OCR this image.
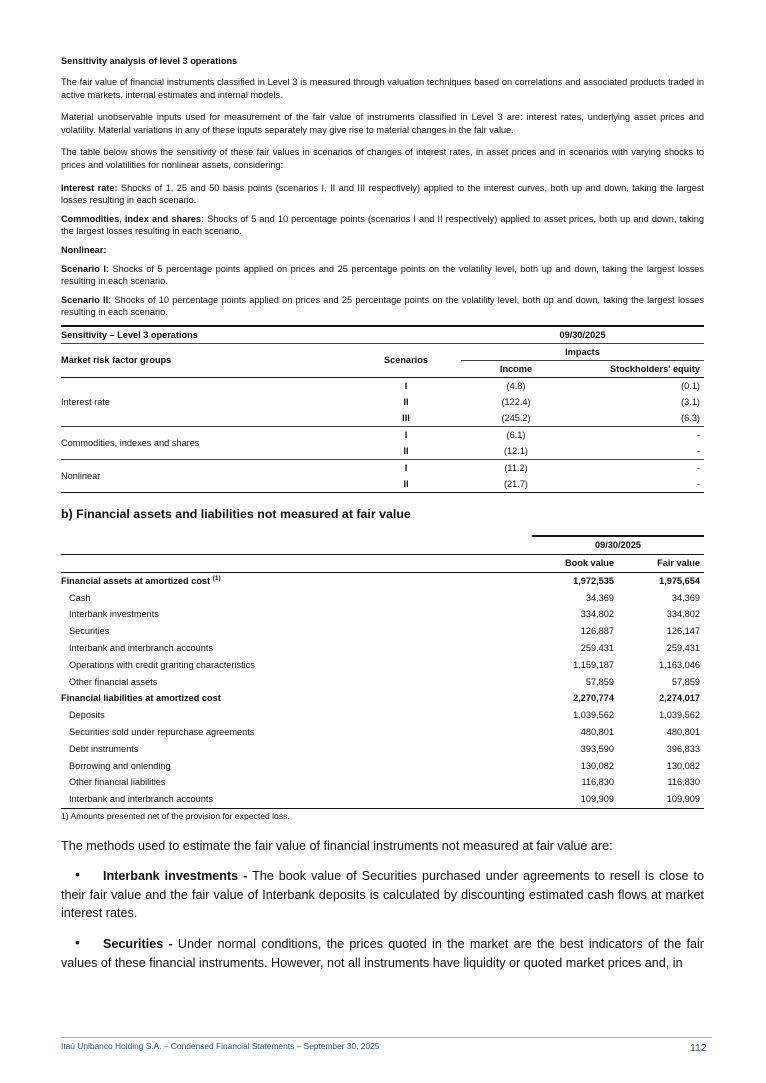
Sensitivity analysis of level 3 operations

The fair value of financial instruments classified in Level 3 is measured through valuation techniques based on correlations and associated products traded in active markets, internal estimates and internal models.

Material unobservable inputs used for measurement of the fair value of instruments classified in Level 3 are: interest rates, underlying asset prices and volatility. Material variations in any of these inputs separately may give rise to material changes in the fair value.

The table below shows the sensitivity of these fair values in scenarios of changes of interest rates, in asset prices and in scenarios with varying shocks to prices and volatilities for nonlinear assets, considering:

Interest rate: Shocks of 1, 25 and 50 basis points (scenarios I, II and III respectively) applied to the interest curves, both up and down, taking the largest losses resulting in each scenario.

Commodities, index and shares: Shocks of 5 and 10 percentage points (scenarios I and II respectively) applied to asset prices, both up and down, taking the largest losses resulting in each scenario.

Nonlinear:

Scenario I: Shocks of 5 percentage points applied on prices and 25 percentage points on the volatility level, both up and down, taking the largest losses resulting in each scenario.

Scenario II: Shocks of 10 percentage points applied on prices and 25 percentage points on the volatility level, both up and down, taking the largest losses resulting in each scenario.

Sensitivity – Level 3 operations		09/30/2025	
Market risk factor groups	Scenarios	Impacts	
		Income	Stockholders' equity
Interest rate	I	(4.8)	(0.1)
	II	(122.4)	(3.1)
	III	(245.2)	(6.3)
Commodities, indexes and shares	I	(6.1)	-
	II	(12.1)	-
Nonlinear	I	(11.2)	-
	II	(21.7)	-
b) Financial assets and liabilities not measured at fair value
	09/30/2025	
	Book value	Fair value
Financial assets at amortized cost $^{(1)}$	1,972,535	1,975,654
Cash	34,369	34,369
Interbank investments	334,802	334,802
Securities	126,887	126,147
Interbank and interbranch accounts	259,431	259,431
Operations with credit granting characteristics	1,159,187	1,163,046
Other financial assets	57,859	57,859
Financial liabilities at amortized cost	2,270,774	2,274,017
Deposits	1,039,562	1,039,562
Securities sold under repurchase agreements	480,801	480,801
Debt instruments	393,590	396,833
Borrowing and onlending	130,082	130,082
Other financial liabilities	116,830	116,830
Interbank and interbranch accounts	109,909	109,909
1) Amounts presented net of the provision for expected loss.

The methods used to estimate the fair value of financial instruments not measured at fair value are:

•	Interbank investments - The book value of Securities purchased under agreements to resell is close to their fair value and the fair value of Interbank deposits is calculated by discounting estimated cash flows at market interest rates.

•	Securities - Under normal conditions, the prices quoted in the market are the best indicators of the fair values of these financial instruments. However, not all instruments have liquidity or quoted market prices and, in

Itaú Unibanco Holding S.A. – Condensed Financial Statements – September 30, 2025	112
